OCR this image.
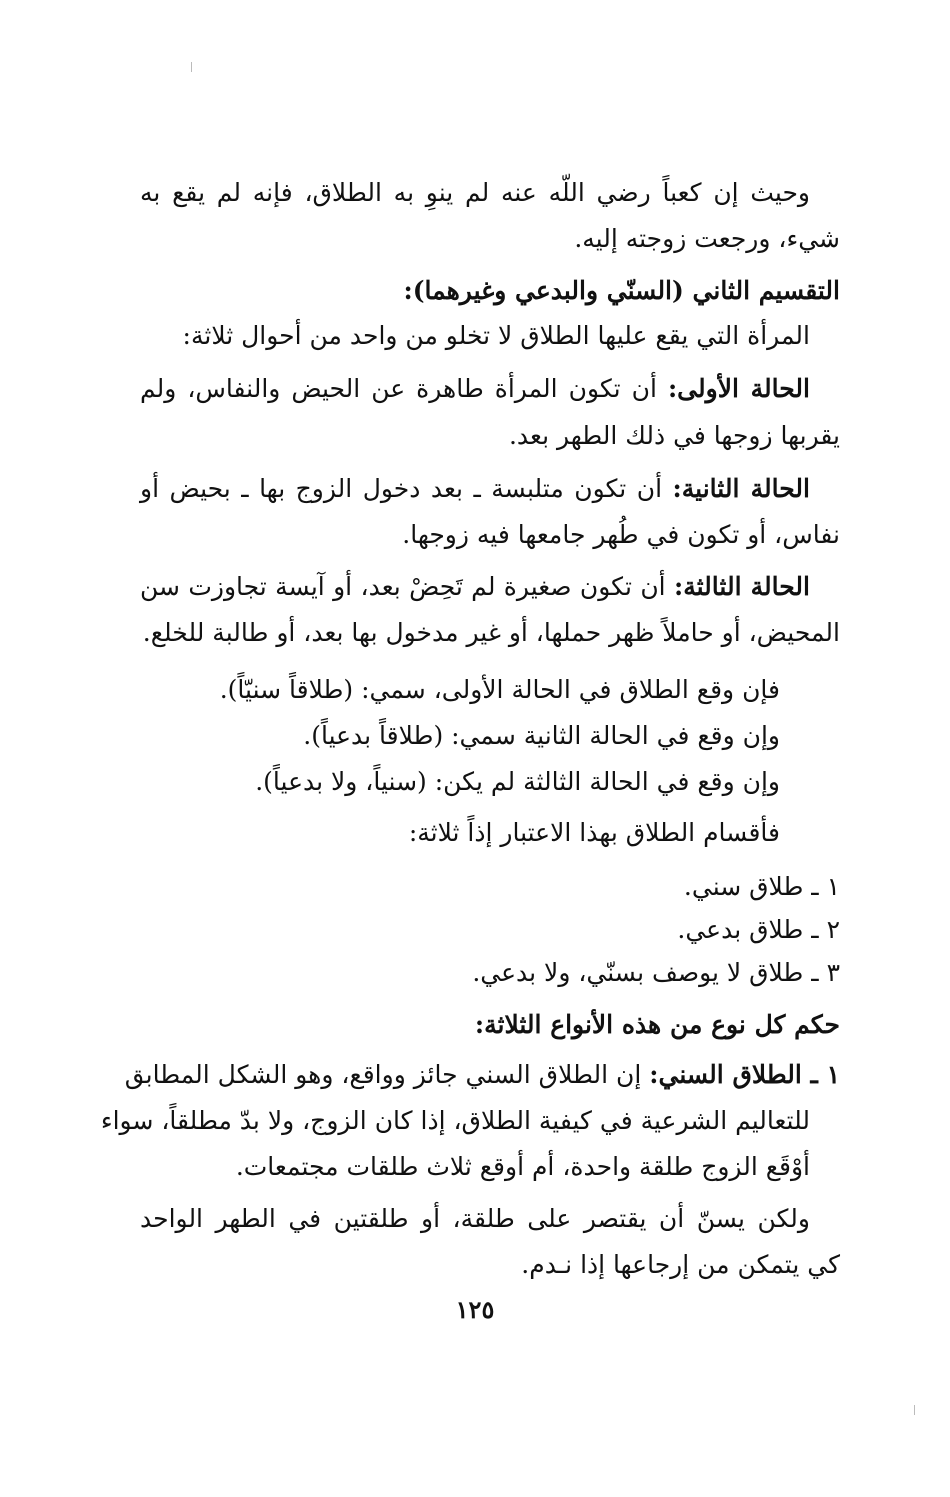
وحيث إن كعباً رضي اللّه عنه لم ينوِ به الطلاق، فإنه لم يقع به
شيء، ورجعت زوجته إليه.
التقسيم الثاني (السنّي والبدعي وغيرهما):
المرأة التي يقع عليها الطلاق لا تخلو من واحد من أحوال ثلاثة:
الحالة الأولى: أن تكون المرأة طاهرة عن الحيض والنفاس، ولم
يقربها زوجها في ذلك الطهر بعد.
الحالة الثانية: أن تكون متلبسة ـ بعد دخول الزوج بها ـ بحيض أو
نفاس، أو تكون في طُهر جامعها فيه زوجها.
الحالة الثالثة: أن تكون صغيرة لم تَحِضْ بعد، أو آيسة تجاوزت سن
المحيض، أو حاملاً ظهر حملها، أو غير مدخول بها بعد، أو طالبة للخلع.
فإن وقع الطلاق في الحالة الأولى، سمي: (طلاقاً سنيّاً).
وإن وقع في الحالة الثانية سمي: (طلاقاً بدعياً).
وإن وقع في الحالة الثالثة لم يكن: (سنياً، ولا بدعياً).
فأقسام الطلاق بهذا الاعتبار إذاً ثلاثة:
١ ـ طلاق سني.
٢ ـ طلاق بدعي.
٣ ـ طلاق لا يوصف بسنّي، ولا بدعي.
حكم كل نوع من هذه الأنواع الثلاثة:
١ ـ الطلاق السني: إن الطلاق السني جائز وواقع، وهو الشكل المطابق
للتعاليم الشرعية في كيفية الطلاق، إذا كان الزوج، ولا بدّ مطلقاً، سواء
أوْقَع الزوج طلقة واحدة، أم أوقع ثلاث طلقات مجتمعات.
ولكن يسنّ أن يقتصر على طلقة، أو طلقتين في الطهر الواحد
كي يتمكن من إرجاعها إذا نـدم.
١٢٥
